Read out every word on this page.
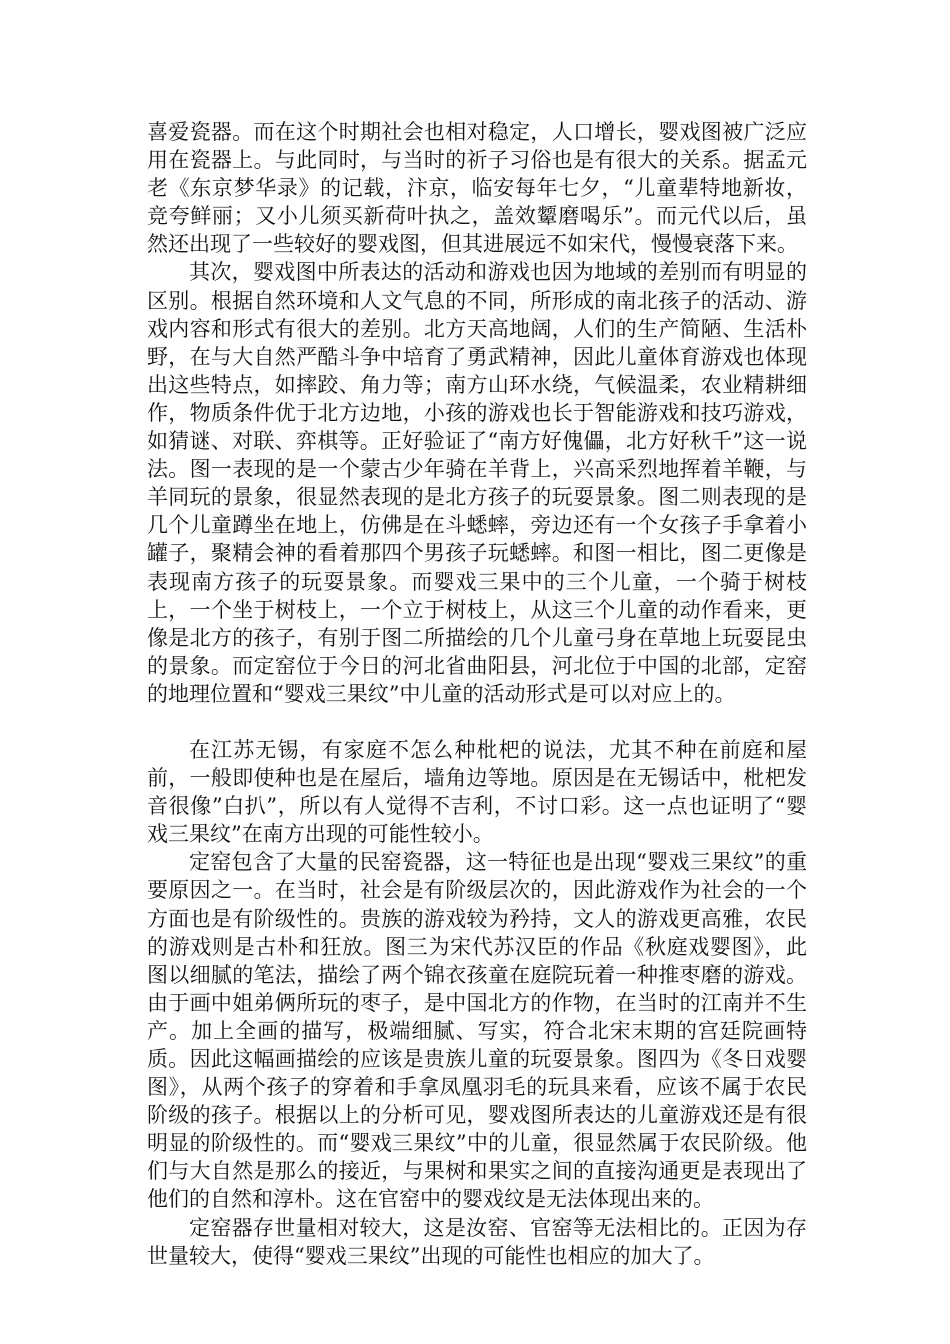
喜爱瓷器。而在这个时期社会也相对稳定，人口增长，婴戏图被广泛应用在瓷器上。与此同时，与当时的祈子习俗也是有很大的关系。据孟元老《东京梦华录》的记载，汴京，临安每年七夕，“儿童辈特地新妆，竞夸鲜丽；又小儿须买新荷叶执之，盖效颦磨喝乐”。而元代以后，虽然还出现了一些较好的婴戏图，但其进展远不如宋代，慢慢衰落下来。

其次，婴戏图中所表达的活动和游戏也因为地域的差别而有明显的区别。根据自然环境和人文气息的不同，所形成的南北孩子的活动、游戏内容和形式有很大的差别。北方天高地阔，人们的生产简陋、生活朴野，在与大自然严酷斗争中培育了勇武精神，因此儿童体育游戏也体现出这些特点，如摔跤、角力等；南方山环水绕，气候温柔，农业精耕细作，物质条件优于北方边地，小孩的游戏也长于智能游戏和技巧游戏，如猜谜、对联、弈棋等。正好验证了“南方好傀儡，北方好秋千”这一说法。图一表现的是一个蒙古少年骑在羊背上，兴高采烈地挥着羊鞭，与羊同玩的景象，很显然表现的是北方孩子的玩耍景象。图二则表现的是几个儿童蹲坐在地上，仿佛是在斗蟋蟀，旁边还有一个女孩子手拿着小罐子，聚精会神的看着那四个男孩子玩蟋蟀。和图一相比，图二更像是表现南方孩子的玩耍景象。而婴戏三果中的三个儿童，一个骑于树枝上，一个坐于树枝上，一个立于树枝上，从这三个儿童的动作看来，更像是北方的孩子，有别于图二所描绘的几个儿童弓身在草地上玩耍昆虫的景象。而定窑位于今日的河北省曲阳县，河北位于中国的北部，定窑的地理位置和“婴戏三果纹”中儿童的活动形式是可以对应上的。

在江苏无锡，有家庭不怎么种枇杷的说法，尤其不种在前庭和屋前，一般即使种也是在屋后，墙角边等地。原因是在无锡话中，枇杷发音很像”白扒”，所以有人觉得不吉利，不讨口彩。这一点也证明了“婴戏三果纹”在南方出现的可能性较小。

定窑包含了大量的民窑瓷器，这一特征也是出现“婴戏三果纹”的重要原因之一。在当时，社会是有阶级层次的，因此游戏作为社会的一个方面也是有阶级性的。贵族的游戏较为矜持，文人的游戏更高雅，农民的游戏则是古朴和狂放。图三为宋代苏汉臣的作品《秋庭戏婴图》，此图以细腻的笔法，描绘了两个锦衣孩童在庭院玩着一种推枣磨的游戏。由于画中姐弟俩所玩的枣子，是中国北方的作物，在当时的江南并不生产。加上全画的描写，极端细腻、写实，符合北宋末期的宫廷院画特质。因此这幅画描绘的应该是贵族儿童的玩耍景象。图四为《冬日戏婴图》，从两个孩子的穿着和手拿凤凰羽毛的玩具来看，应该不属于农民阶级的孩子。根据以上的分析可见，婴戏图所表达的儿童游戏还是有很明显的阶级性的。而“婴戏三果纹”中的儿童，很显然属于农民阶级。他们与大自然是那么的接近，与果树和果实之间的直接沟通更是表现出了他们的自然和淳朴。这在官窑中的婴戏纹是无法体现出来的。

定窑器存世量相对较大，这是汝窑、官窑等无法相比的。正因为存世量较大，使得“婴戏三果纹”出现的可能性也相应的加大了。
